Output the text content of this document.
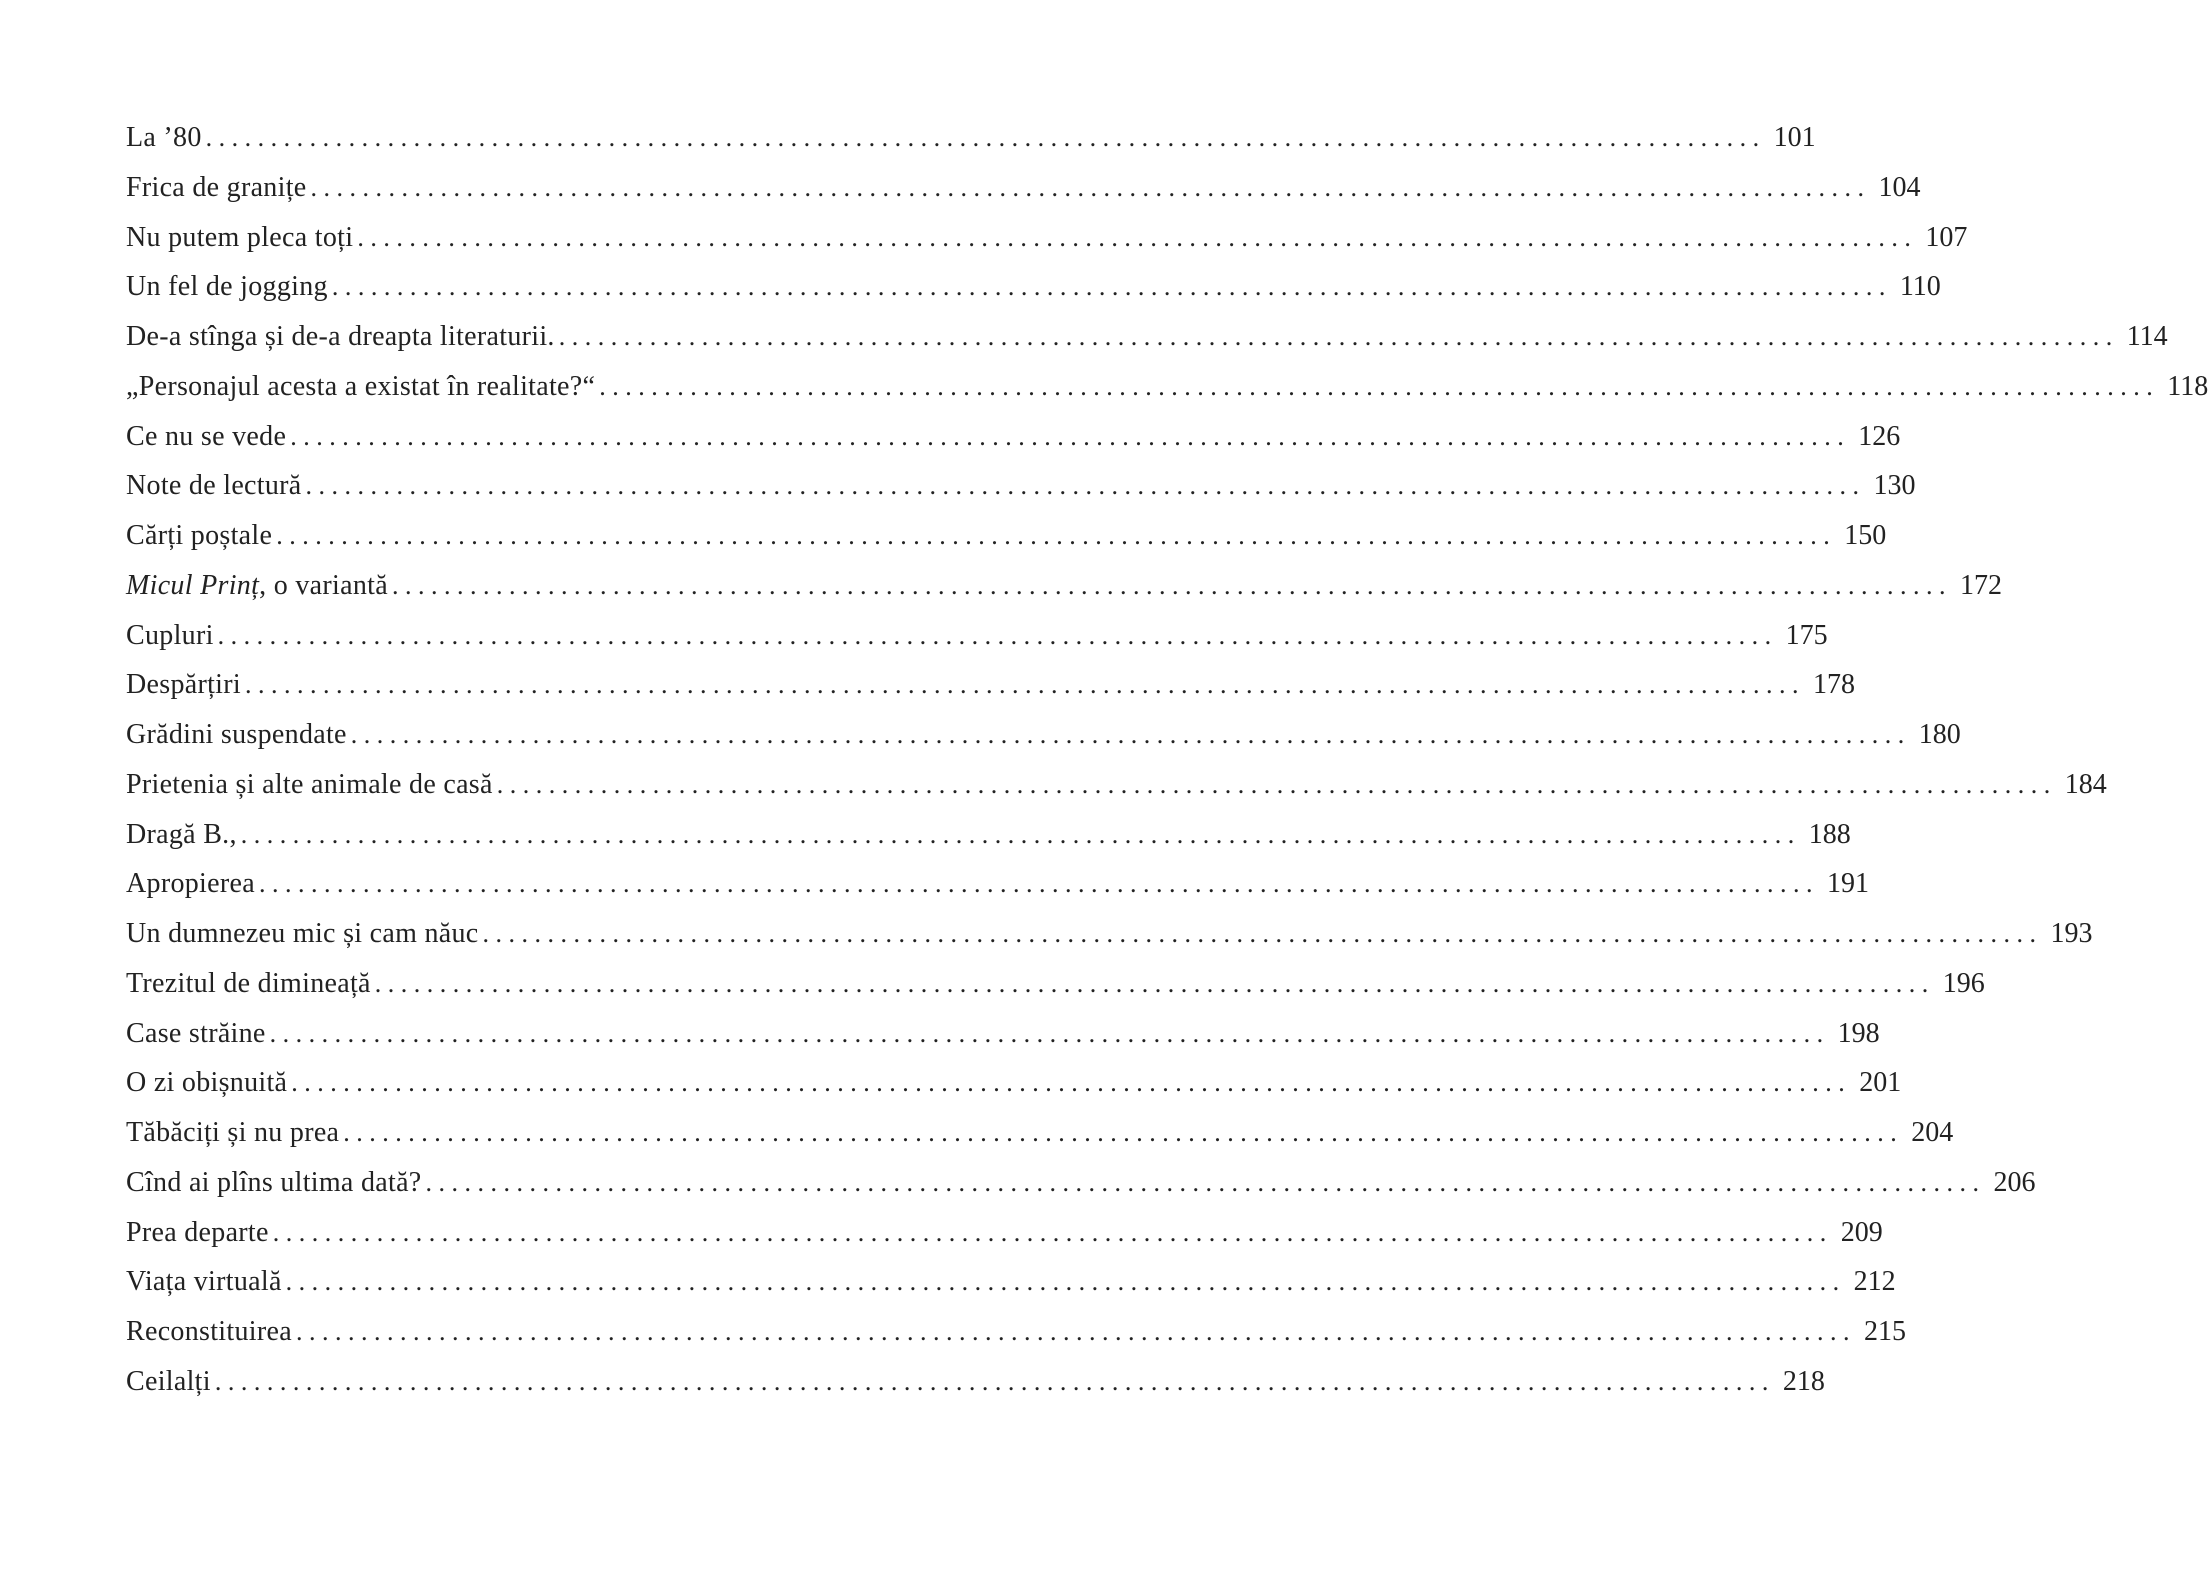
La ’80 ........................................................................................................................ 101
Frica de granițe ........................................................................................................................ 104
Nu putem pleca toți ........................................................................................................................ 107
Un fel de jogging ........................................................................................................................ 110
De-a stînga și de-a dreapta literaturii. ........................................................................................................................ 114
„Personajul acesta a existat în realitate?“ ........................................................................................................................ 118
Ce nu se vede ........................................................................................................................ 126
Note de lectură ........................................................................................................................ 130
Cărți poștale ........................................................................................................................ 150
Micul Prinț, o variantă ........................................................................................................................ 172
Cupluri ........................................................................................................................ 175
Despărțiri ........................................................................................................................ 178
Grădini suspendate ........................................................................................................................ 180
Prietenia și alte animale de casă ........................................................................................................................ 184
Dragă B., ........................................................................................................................ 188
Apropierea ........................................................................................................................ 191
Un dumnezeu mic și cam năuc ........................................................................................................................ 193
Trezitul de dimineață ........................................................................................................................ 196
Case străine ........................................................................................................................ 198
O zi obișnuită ........................................................................................................................ 201
Tăbăciți și nu prea ........................................................................................................................ 204
Cînd ai plîns ultima dată? ........................................................................................................................ 206
Prea departe ........................................................................................................................ 209
Viața virtuală ........................................................................................................................ 212
Reconstituirea ........................................................................................................................ 215
Ceilalți ........................................................................................................................ 218
